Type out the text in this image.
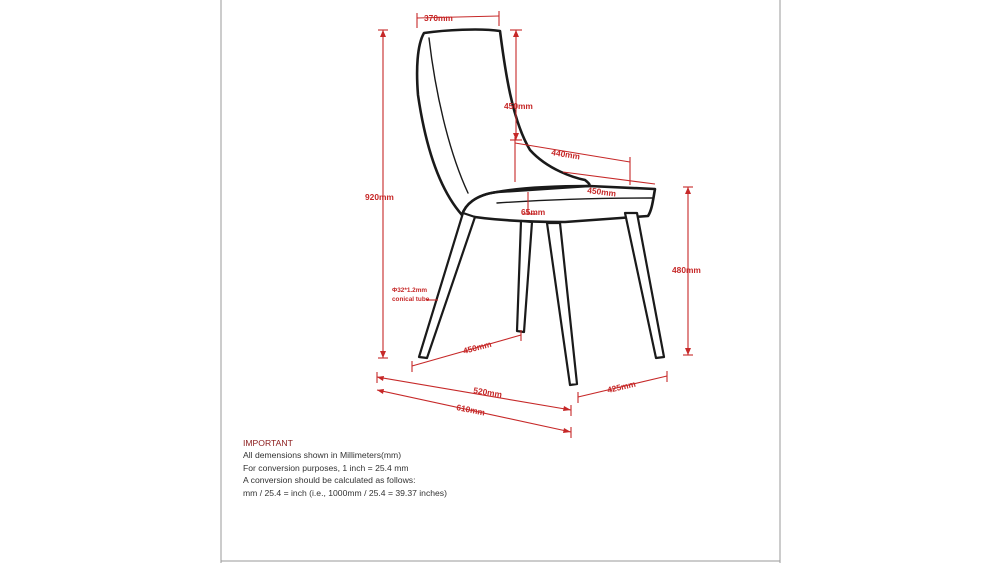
370mm
450mm
440mm
450mm
65mm
920mm
480mm
450mm
520mm
610mm
425mm
Φ32*1.2mm
conical tube
IMPORTANT
All demensions shown in Millimeters(mm)
For conversion purposes, 1 inch = 25.4 mm
A conversion should be calculated as follows:
mm / 25.4 = inch (i.e., 1000mm / 25.4 = 39.37 inches)
